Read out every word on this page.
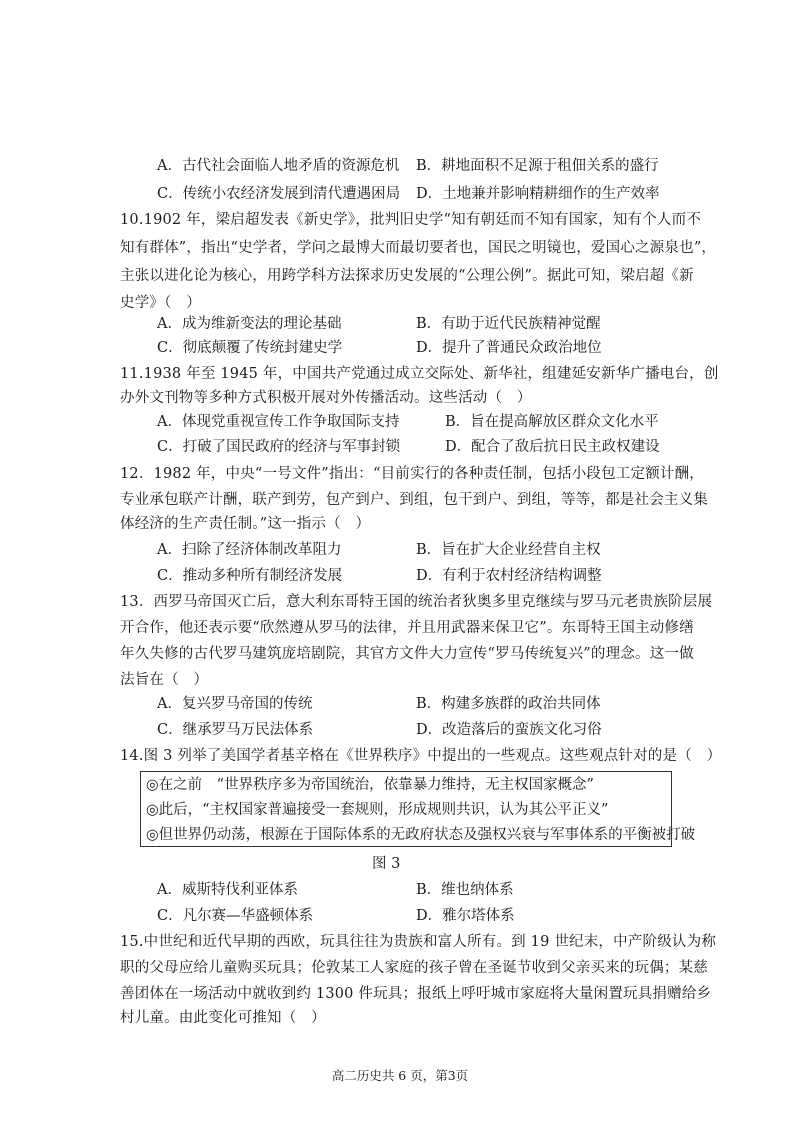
A．古代社会面临人地矛盾的资源危机 B．耕地面积不足源于租佃关系的盛行
C．传统小农经济发展到清代遭遇困局 D．土地兼并影响精耕细作的生产效率
10.1902 年，梁启超发表《新史学》，批判旧史学“知有朝廷而不知有国家，知有个人而不
知有群体”，指出“史学者，学问之最博大而最切要者也，国民之明镜也，爱国心之源泉也”，
主张以进化论为核心，用跨学科方法探求历史发展的“公理公例”。据此可知，梁启超《新
史学》（　）
A．成为维新变法的理论基础	B．有助于近代民族精神觉醒
C．彻底颠覆了传统封建史学	D．提升了普通民众政治地位
11.1938 年至 1945 年，中国共产党通过成立交际处、新华社，组建延安新华广播电台，创
办外文刊物等多种方式积极开展对外传播活动。这些活动（　）
A．体现党重视宣传工作争取国际支持	B．旨在提高解放区群众文化水平
C．打破了国民政府的经济与军事封锁	D．配合了敌后抗日民主政权建设
12．1982 年，中央“一号文件”指出：“目前实行的各种责任制，包括小段包工定额计酬，
专业承包联产计酬，联产到劳，包产到户、到组，包干到户、到组，等等，都是社会主义集
体经济的生产责任制。”这一指示（　）
A．扫除了经济体制改革阻力	B．旨在扩大企业经营自主权
C．推动多种所有制经济发展	D．有利于农村经济结构调整
13．西罗马帝国灭亡后，意大利东哥特王国的统治者狄奥多里克继续与罗马元老贵族阶层展
开合作，他还表示要“欣然遵从罗马的法律，并且用武器来保卫它”。东哥特王国主动修缮
年久失修的古代罗马建筑庞培剧院，其官方文件大力宣传“罗马传统复兴”的理念。这一做
法旨在（　）
A．复兴罗马帝国的传统	B．构建多族群的政治共同体
C．继承罗马万民法体系	D．改造落后的蛮族文化习俗
14.图 3 列举了美国学者基辛格在《世界秩序》中提出的一些观点。这些观点针对的是（　）
◎在之前　“世界秩序多为帝国统治，依靠暴力维持，无主权国家概念”
◎此后，“主权国家普遍接受一套规则，形成规则共识，认为其公平正义”
◎但世界仍动荡，根源在于国际体系的无政府状态及强权兴衰与军事体系的平衡被打破
图 3
A．威斯特伐利亚体系	B．维也纳体系
C．凡尔赛—华盛顿体系	D．雅尔塔体系
15.中世纪和近代早期的西欧，玩具往往为贵族和富人所有。到 19 世纪末，中产阶级认为称
职的父母应给儿童购买玩具；伦敦某工人家庭的孩子曾在圣诞节收到父亲买来的玩偶；某慈
善团体在一场活动中就收到约 1300 件玩具；报纸上呼吁城市家庭将大量闲置玩具捐赠给乡
村儿童。由此变化可推知（　）
高二历史共 6 页，第3页
